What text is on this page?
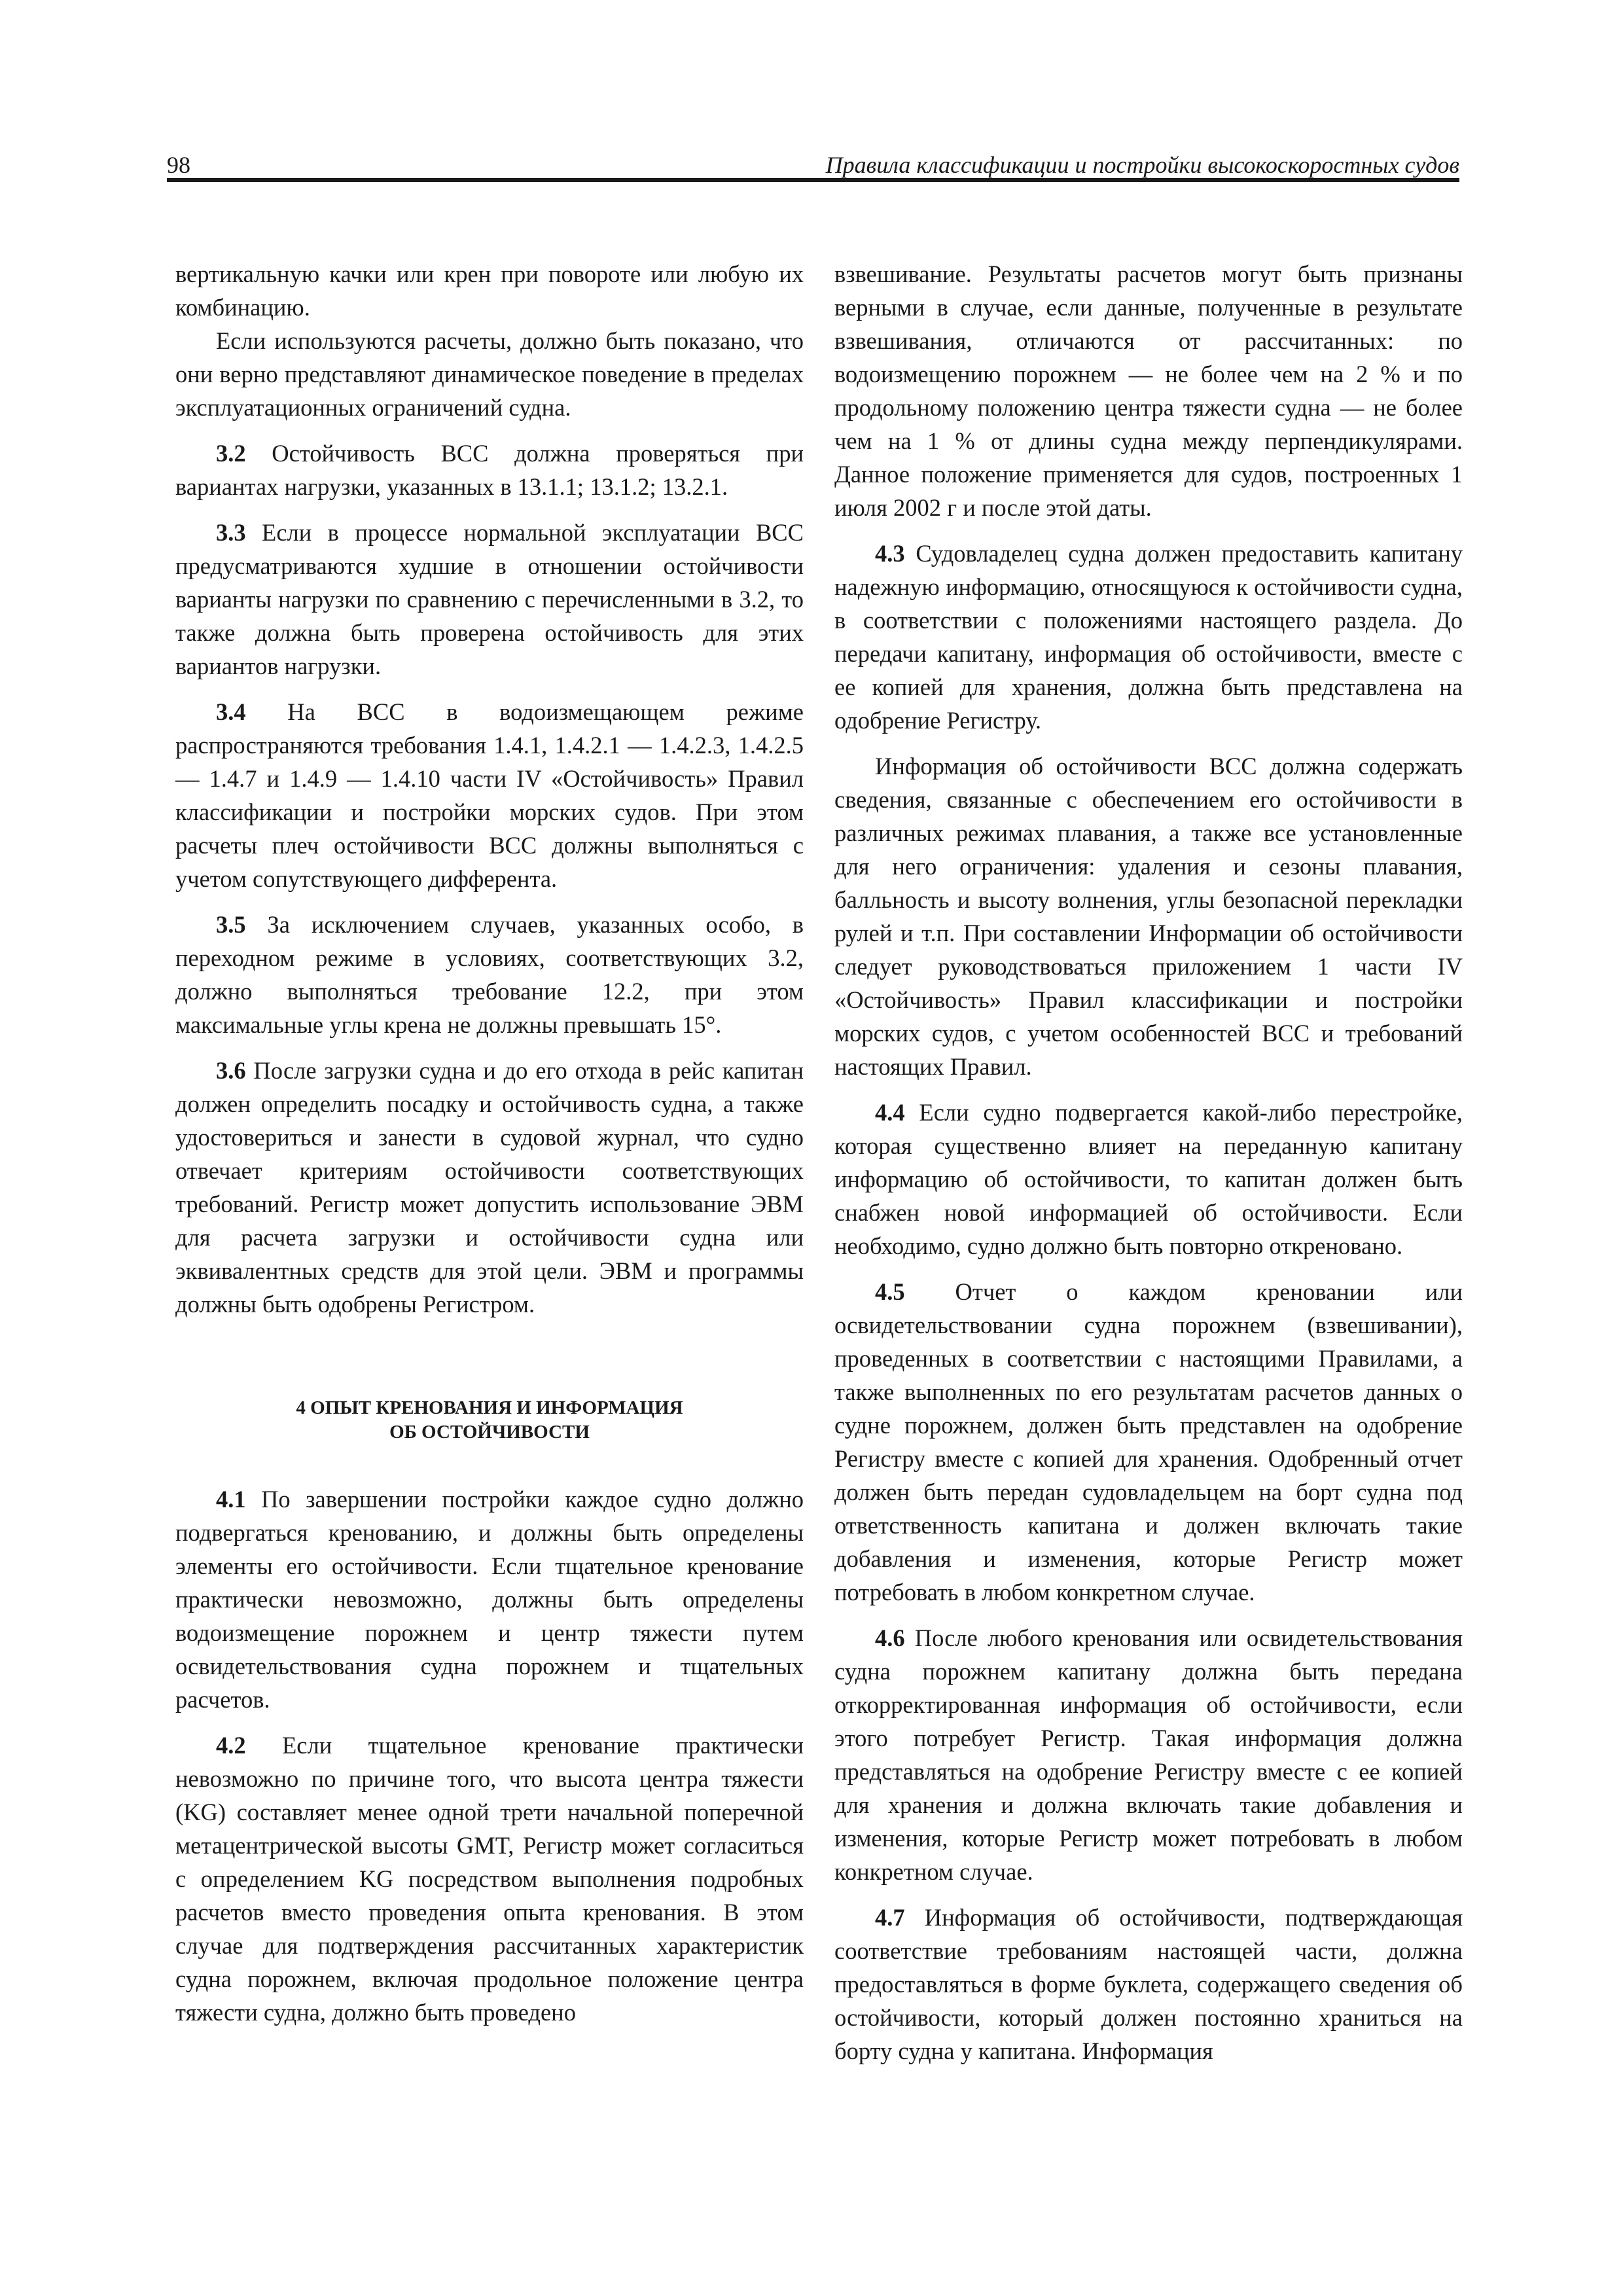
98	Правила классификации и постройки высокоскоростных судов

вертикальную качки или крен при повороте или любую их комбинацию.

Если используются расчеты, должно быть показано, что они верно представляют динамическое поведение в пределах эксплуатационных ограничений судна.

3.2 Остойчивость ВСС должна проверяться при вариантах нагрузки, указанных в 13.1.1; 13.1.2; 13.2.1.

3.3 Если в процессе нормальной эксплуатации ВСС предусматриваются худшие в отношении остойчивости варианты нагрузки по сравнению с перечисленными в 3.2, то также должна быть проверена остойчивость для этих вариантов нагрузки.

3.4 На ВСС в водоизмещающем режиме распространяются требования 1.4.1, 1.4.2.1 — 1.4.2.3, 1.4.2.5 — 1.4.7 и 1.4.9 — 1.4.10 части IV «Остойчивость» Правил классификации и постройки морских судов. При этом расчеты плеч остойчивости ВСС должны выполняться с учетом сопутствующего дифферента.

3.5 За исключением случаев, указанных особо, в переходном режиме в условиях, соответствующих 3.2, должно выполняться требование 12.2, при этом максимальные углы крена не должны превышать 15°.

3.6 После загрузки судна и до его отхода в рейс капитан должен определить посадку и остойчивость судна, а также удостовериться и занести в судовой журнал, что судно отвечает критериям остойчивости соответствующих требований. Регистр может допустить использование ЭВМ для расчета загрузки и остойчивости судна или эквивалентных средств для этой цели. ЭВМ и программы должны быть одобрены Регистром.

4 ОПЫТ КРЕНОВАНИЯ И ИНФОРМАЦИЯ
ОБ ОСТОЙЧИВОСТИ

4.1 По завершении постройки каждое судно должно подвергаться кренованию, и должны быть определены элементы его остойчивости. Если тщательное кренование практически невозможно, должны быть определены водоизмещение порожнем и центр тяжести путем освидетельствования судна порожнем и тщательных расчетов.

4.2 Если тщательное кренование практически невозможно по причине того, что высота центра тяжести (KG) составляет менее одной трети начальной поперечной метацентрической высоты GMT, Регистр может согласиться с определением KG посредством выполнения подробных расчетов вместо проведения опыта кренования. В этом случае для подтверждения рассчитанных характеристик судна порожнем, включая продольное положение центра тяжести судна, должно быть проведено

взвешивание. Результаты расчетов могут быть признаны верными в случае, если данные, полученные в результате взвешивания, отличаются от рассчитанных: по водоизмещению порожнем — не более чем на 2 % и по продольному положению центра тяжести судна — не более чем на 1 % от длины судна между перпендикулярами. Данное положение применяется для судов, построенных 1 июля 2002 г и после этой даты.

4.3 Судовладелец судна должен предоставить капитану надежную информацию, относящуюся к остойчивости судна, в соответствии с положениями настоящего раздела. До передачи капитану, информация об остойчивости, вместе с ее копией для хранения, должна быть представлена на одобрение Регистру.

Информация об остойчивости ВСС должна содержать сведения, связанные с обеспечением его остойчивости в различных режимах плавания, а также все установленные для него ограничения: удаления и сезоны плавания, балльность и высоту волнения, углы безопасной перекладки рулей и т.п. При составлении Информации об остойчивости следует руководствоваться приложением 1 части IV «Остойчивость» Правил классификации и постройки морских судов, с учетом особенностей ВСС и требований настоящих Правил.

4.4 Если судно подвергается какой-либо перестройке, которая существенно влияет на переданную капитану информацию об остойчивости, то капитан должен быть снабжен новой информацией об остойчивости. Если необходимо, судно должно быть повторно откреновано.

4.5 Отчет о каждом креновании или освидетельствовании судна порожнем (взвешивании), проведенных в соответствии с настоящими Правилами, а также выполненных по его результатам расчетов данных о судне порожнем, должен быть представлен на одобрение Регистру вместе с копией для хранения. Одобренный отчет должен быть передан судовладельцем на борт судна под ответственность капитана и должен включать такие добавления и изменения, которые Регистр может потребовать в любом конкретном случае.

4.6 После любого кренования или освидетельствования судна порожнем капитану должна быть передана откорректированная информация об остойчивости, если этого потребует Регистр. Такая информация должна представляться на одобрение Регистру вместе с ее копией для хранения и должна включать такие добавления и изменения, которые Регистр может потребовать в любом конкретном случае.

4.7 Информация об остойчивости, подтверждающая соответствие требованиям настоящей части, должна предоставляться в форме буклета, содержащего сведения об остойчивости, который должен постоянно храниться на борту судна у капитана. Информация
